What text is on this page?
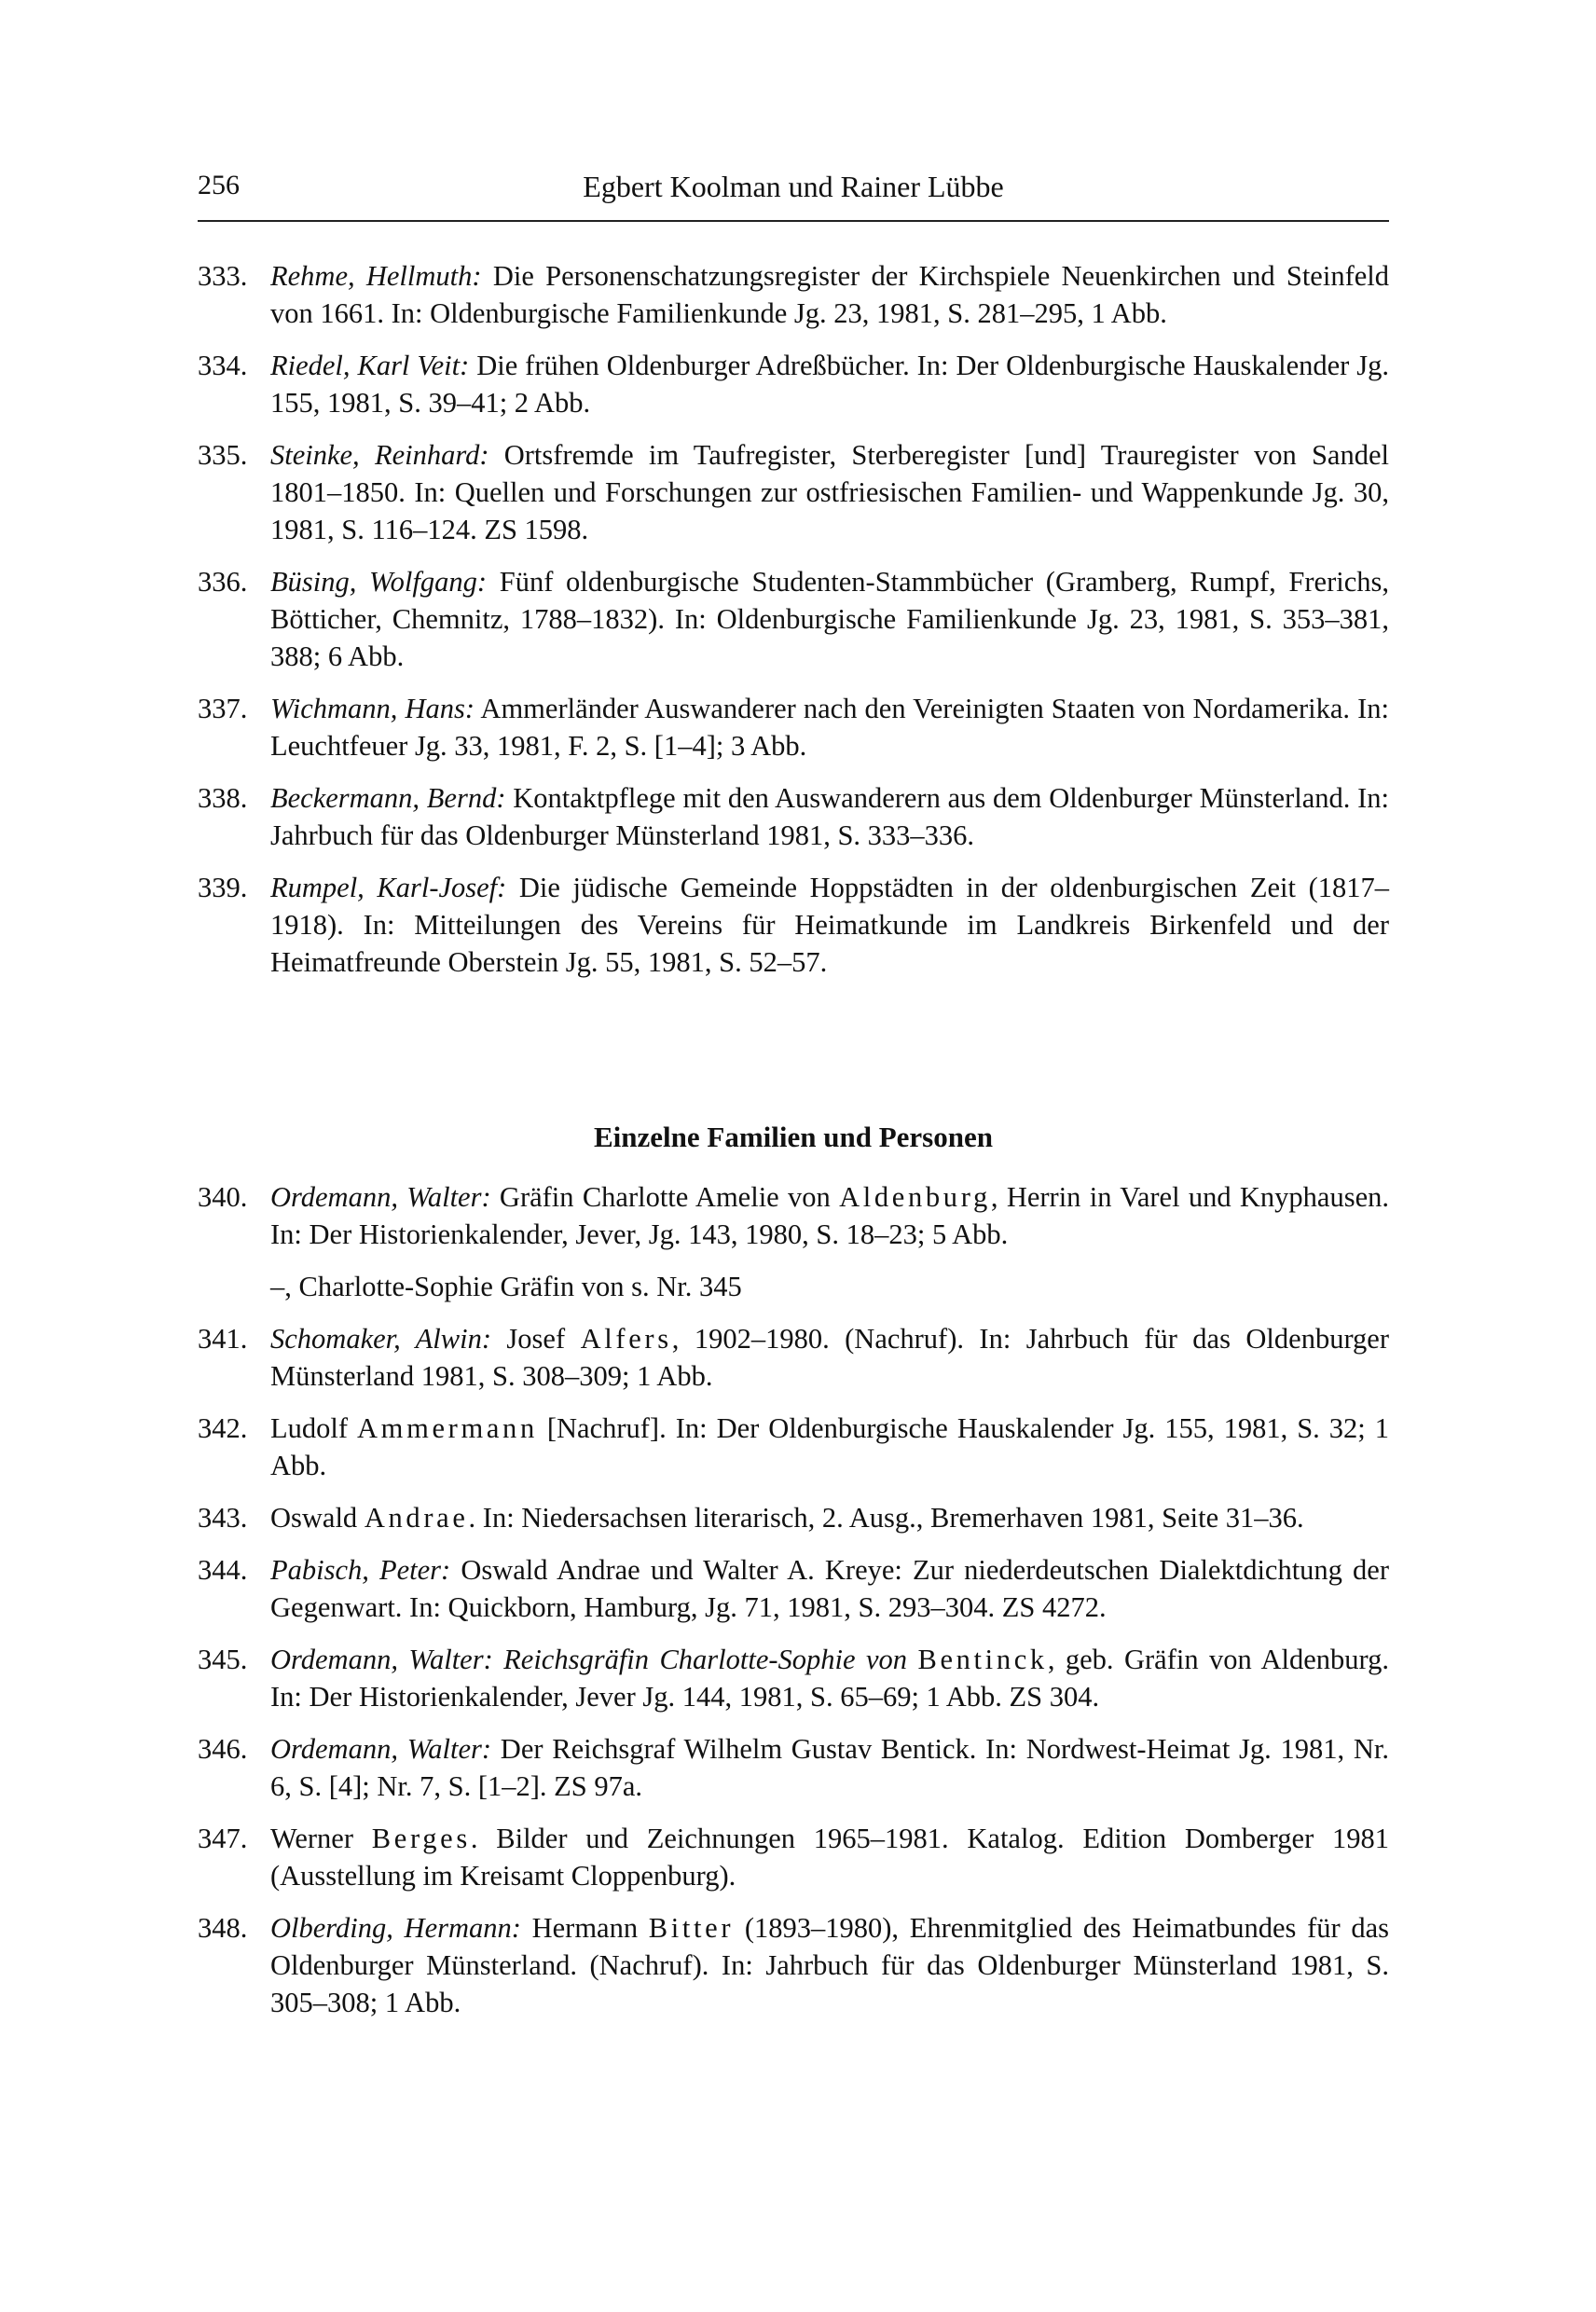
256	Egbert Koolman und Rainer Lübbe
333. Rehme, Hellmuth: Die Personenschatzungsregister der Kirchspiele Neuenkirchen und Steinfeld von 1661. In: Oldenburgische Familienkunde Jg. 23, 1981, S. 281–295, 1 Abb.
334. Riedel, Karl Veit: Die frühen Oldenburger Adreßbücher. In: Der Oldenburgische Hauskalender Jg. 155, 1981, S. 39–41; 2 Abb.
335. Steinke, Reinhard: Ortsfremde im Taufregister, Sterberegister [und] Trauregister von Sandel 1801–1850. In: Quellen und Forschungen zur ostfriesischen Familien- und Wappenkunde Jg. 30, 1981, S. 116–124. ZS 1598.
336. Büsing, Wolfgang: Fünf oldenburgische Studenten-Stammbücher (Gramberg, Rumpf, Frerichs, Bötticher, Chemnitz, 1788–1832). In: Oldenburgische Familienkunde Jg. 23, 1981, S. 353–381, 388; 6 Abb.
337. Wichmann, Hans: Ammerländer Auswanderer nach den Vereinigten Staaten von Nordamerika. In: Leuchtfeuer Jg. 33, 1981, F. 2, S. [1–4]; 3 Abb.
338. Beckermann, Bernd: Kontaktpflege mit den Auswanderern aus dem Oldenburger Münsterland. In: Jahrbuch für das Oldenburger Münsterland 1981, S. 333–336.
339. Rumpel, Karl-Josef: Die jüdische Gemeinde Hoppstädten in der oldenburgischen Zeit (1817–1918). In: Mitteilungen des Vereins für Heimatkunde im Landkreis Birkenfeld und der Heimatfreunde Oberstein Jg. 55, 1981, S. 52–57.
Einzelne Familien und Personen
340. Ordemann, Walter: Gräfin Charlotte Amelie von Aldenburg, Herrin in Varel und Knyphausen. In: Der Historienkalender, Jever, Jg. 143, 1980, S. 18–23; 5 Abb.
–, Charlotte-Sophie Gräfin von s. Nr. 345
341. Schomaker, Alwin: Josef Alfers, 1902–1980. (Nachruf). In: Jahrbuch für das Oldenburger Münsterland 1981, S. 308–309; 1 Abb.
342. Ludolf Ammermann [Nachruf]. In: Der Oldenburgische Hauskalender Jg. 155, 1981, S. 32; 1 Abb.
343. Oswald Andrae. In: Niedersachsen literarisch, 2. Ausg., Bremerhaven 1981, Seite 31–36.
344. Pabisch, Peter: Oswald Andrae und Walter A. Kreye: Zur niederdeutschen Dialektdichtung der Gegenwart. In: Quickborn, Hamburg, Jg. 71, 1981, S. 293–304. ZS 4272.
345. Ordemann, Walter: Reichsgräfin Charlotte-Sophie von Bentinck, geb. Gräfin von Aldenburg. In: Der Historienkalender, Jever Jg. 144, 1981, S. 65–69; 1 Abb. ZS 304.
346. Ordemann, Walter: Der Reichsgraf Wilhelm Gustav Bentick. In: Nordwest-Heimat Jg. 1981, Nr. 6, S. [4]; Nr. 7, S. [1–2]. ZS 97a.
347. Werner Berges. Bilder und Zeichnungen 1965–1981. Katalog. Edition Domberger 1981 (Ausstellung im Kreisamt Cloppenburg).
348. Olberding, Hermann: Hermann Bitter (1893–1980), Ehrenmitglied des Heimatbundes für das Oldenburger Münsterland. (Nachruf). In: Jahrbuch für das Oldenburger Münsterland 1981, S. 305–308; 1 Abb.
